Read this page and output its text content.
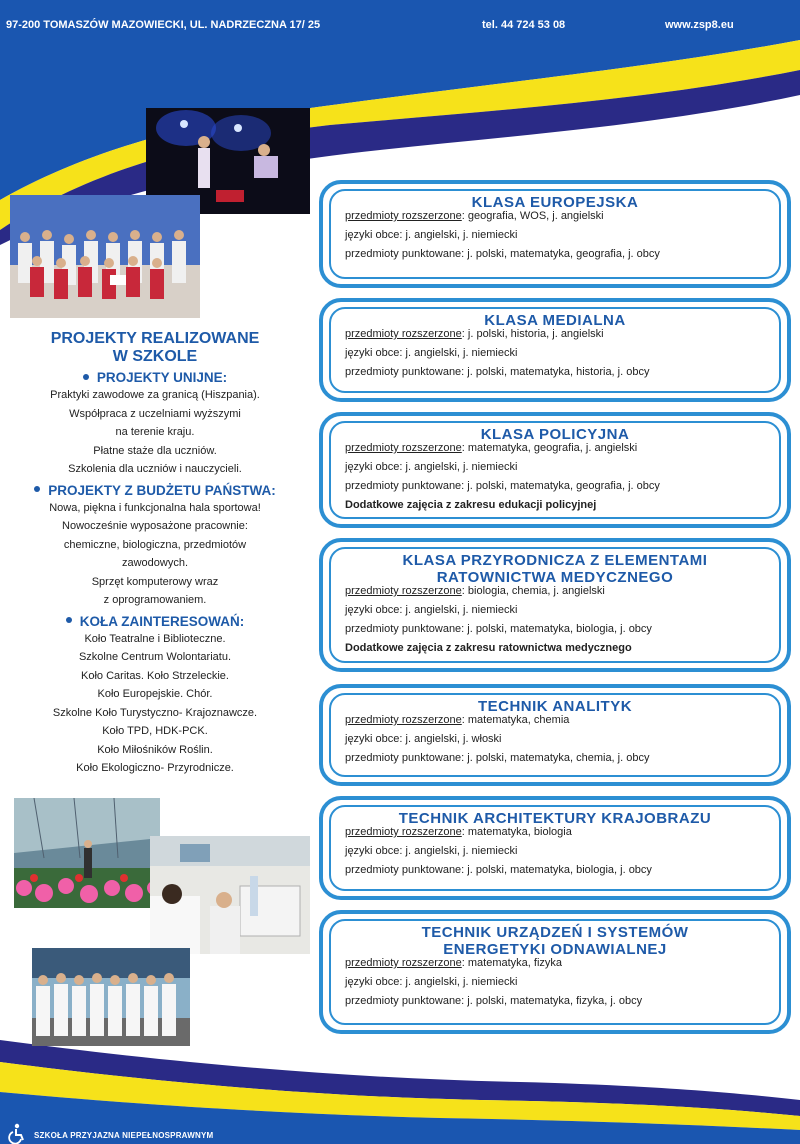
97-200 TOMASZÓW MAZOWIECKI, UL. NADRZECZNA 17/ 25	tel. 44 724 53 08	www.zsp8.eu
PROJEKTY REALIZOWANE
W SZKOLE
PROJEKTY UNIJNE:
Praktyki zawodowe za granicą (Hiszpania).
Współpraca z uczelniami wyższymi
na terenie kraju.
Płatne staże dla uczniów.
Szkolenia dla uczniów i nauczycieli.
PROJEKTY Z BUDŻETU PAŃSTWA:
Nowa, piękna i funkcjonalna hala sportowa!
Nowocześnie wyposażone pracownie:
chemiczne, biologiczna, przedmiotów
zawodowych.
Sprzęt komputerowy wraz
z oprogramowaniem.
KOŁA ZAINTERESOWAŃ:
Koło Teatralne i Biblioteczne.
Szkolne Centrum Wolontariatu.
Koło Caritas. Koło Strzeleckie.
Koło Europejskie. Chór.
Szkolne Koło Turystyczno- Krajoznawcze.
Koło TPD, HDK-PCK.
Koło Miłośników Roślin.
Koło Ekologiczno- Przyrodnicze.
KLASA EUROPEJSKA
przedmioty rozszerzone: geografia, WOS, j. angielski
języki obce: j. angielski, j. niemiecki
przedmioty punktowane: j. polski, matematyka, geografia, j. obcy
KLASA MEDIALNA
przedmioty rozszerzone: j. polski, historia, j. angielski
języki obce: j. angielski, j. niemiecki
przedmioty punktowane: j. polski, matematyka, historia, j. obcy
KLASA POLICYJNA
przedmioty rozszerzone: matematyka, geografia, j. angielski
języki obce: j. angielski, j. niemiecki
przedmioty punktowane: j. polski, matematyka, geografia, j. obcy
Dodatkowe zajęcia z zakresu edukacji policyjnej
KLASA PRZYRODNICZA Z ELEMENTAMI
RATOWNICTWA MEDYCZNEGO
przedmioty rozszerzone: biologia, chemia, j. angielski
języki obce: j. angielski, j. niemiecki
przedmioty punktowane: j. polski, matematyka, biologia, j. obcy
Dodatkowe zajęcia z zakresu ratownictwa medycznego
TECHNIK ANALITYK
przedmioty rozszerzone: matematyka, chemia
języki obce: j. angielski, j. włoski
przedmioty punktowane: j. polski, matematyka, chemia, j. obcy
TECHNIK ARCHITEKTURY KRAJOBRAZU
przedmioty rozszerzone: matematyka, biologia
języki obce: j. angielski, j. niemiecki
przedmioty punktowane: j. polski, matematyka, biologia, j. obcy
TECHNIK URZĄDZEŃ I SYSTEMÓW
ENERGETYKI ODNAWIALNEJ
przedmioty rozszerzone: matematyka, fizyka
języki obce: j. angielski, j. niemiecki
przedmioty punktowane: j. polski, matematyka, fizyka, j. obcy
SZKOŁA PRZYJAZNA NIEPEŁNOSPRAWNYM
